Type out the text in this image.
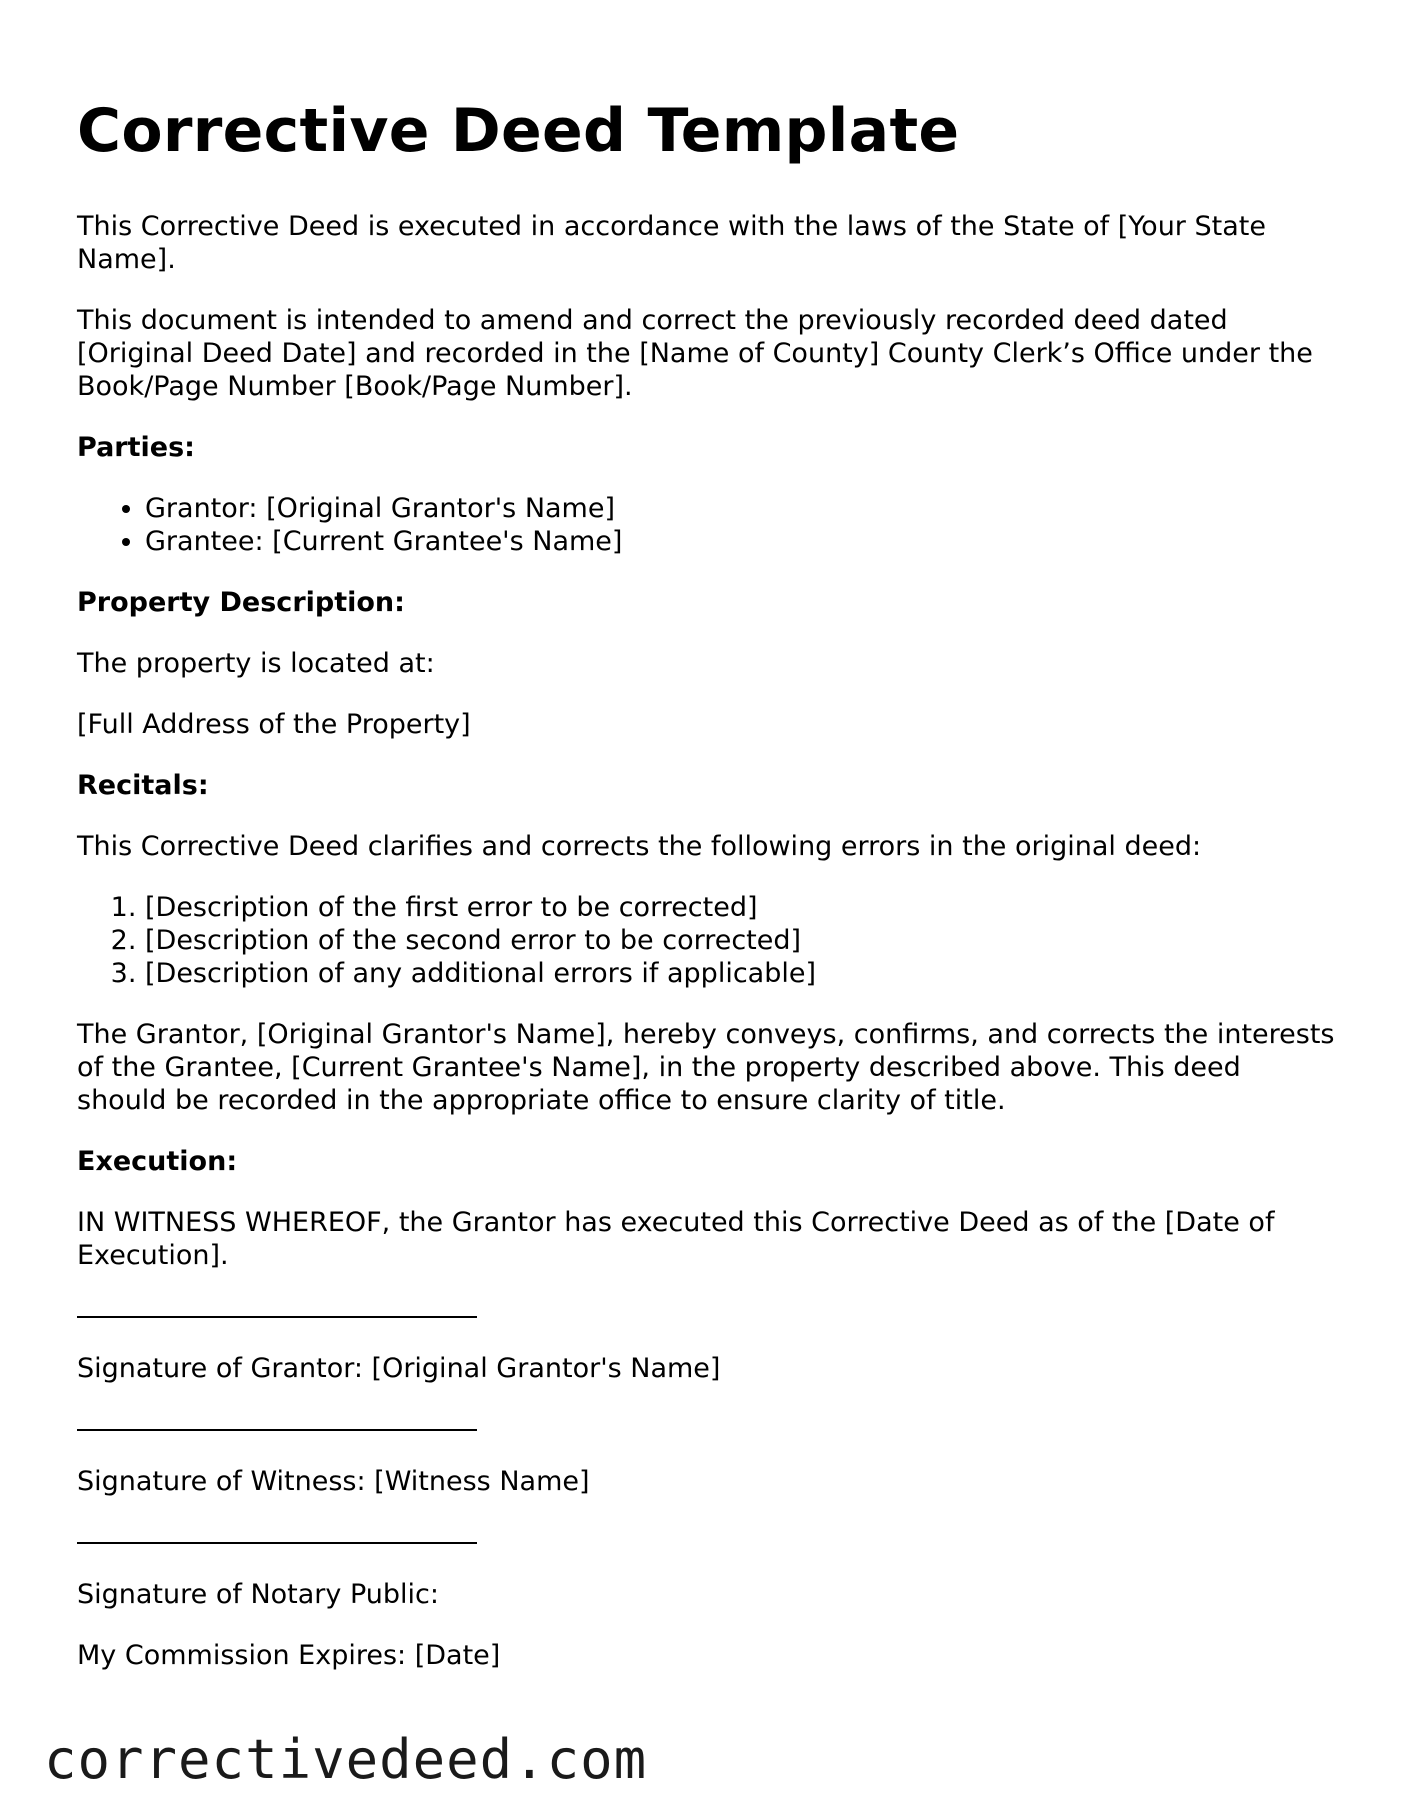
Corrective Deed Template

This Corrective Deed is executed in accordance with the laws of the State of [Your State Name].

This document is intended to amend and correct the previously recorded deed dated [Original Deed Date] and recorded in the [Name of County] County Clerk’s Office under the Book/Page Number [Book/Page Number].

Parties:

• Grantor: [Original Grantor's Name]
• Grantee: [Current Grantee's Name]

Property Description:

The property is located at:

[Full Address of the Property]

Recitals:

This Corrective Deed clarifies and corrects the following errors in the original deed:

1. [Description of the first error to be corrected]
2. [Description of the second error to be corrected]
3. [Description of any additional errors if applicable]

The Grantor, [Original Grantor's Name], hereby conveys, confirms, and corrects the interests of the Grantee, [Current Grantee's Name], in the property described above. This deed should be recorded in the appropriate office to ensure clarity of title.

Execution:

IN WITNESS WHEREOF, the Grantor has executed this Corrective Deed as of the [Date of Execution].

Signature of Grantor: [Original Grantor's Name]

Signature of Witness: [Witness Name]

Signature of Notary Public:

My Commission Expires: [Date]

correctivedeed.com
